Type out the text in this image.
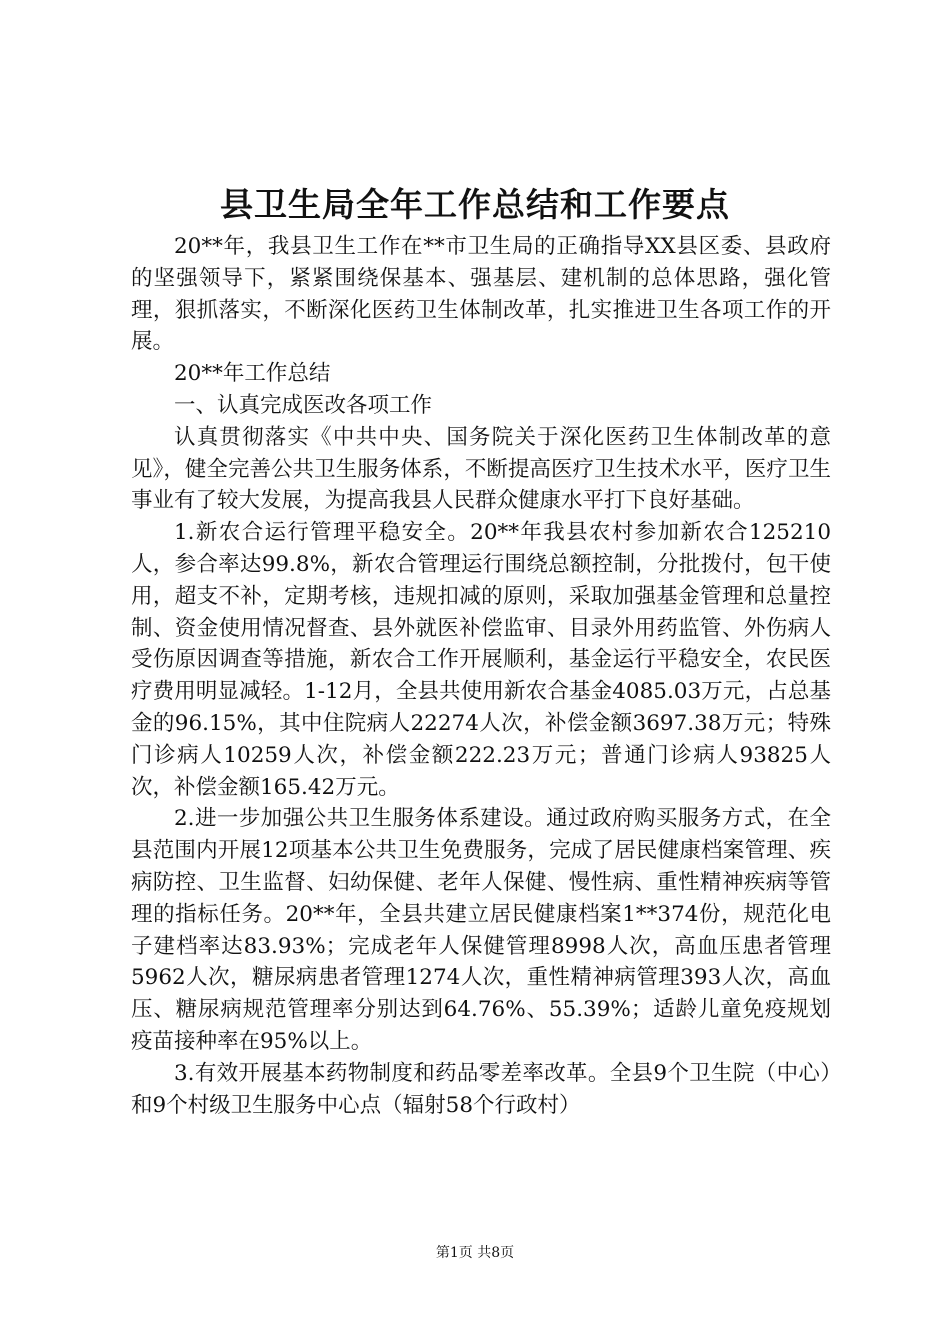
县卫生局全年工作总结和工作要点

20**年，我县卫生工作在**市卫生局的正确指导XX县区委、县政府的坚强领导下，紧紧围绕保基本、强基层、建机制的总体思路，强化管理，狠抓落实，不断深化医药卫生体制改革，扎实推进卫生各项工作的开展。

20**年工作总结

一、认真完成医改各项工作

认真贯彻落实《中共中央、国务院关于深化医药卫生体制改革的意见》，健全完善公共卫生服务体系，不断提高医疗卫生技术水平，医疗卫生事业有了较大发展，为提高我县人民群众健康水平打下良好基础。

1.新农合运行管理平稳安全。20**年我县农村参加新农合125210人，参合率达99.8%，新农合管理运行围绕总额控制，分批拨付，包干使用，超支不补，定期考核，违规扣减的原则，采取加强基金管理和总量控制、资金使用情况督查、县外就医补偿监审、目录外用药监管、外伤病人受伤原因调查等措施，新农合工作开展顺利，基金运行平稳安全，农民医疗费用明显减轻。1-12月，全县共使用新农合基金4085.03万元，占总基金的96.15%，其中住院病人22274人次，补偿金额3697.38万元；特殊门诊病人10259人次，补偿金额222.23万元；普通门诊病人93825人次，补偿金额165.42万元。

2.进一步加强公共卫生服务体系建设。通过政府购买服务方式，在全县范围内开展12项基本公共卫生免费服务，完成了居民健康档案管理、疾病防控、卫生监督、妇幼保健、老年人保健、慢性病、重性精神疾病等管理的指标任务。20**年，全县共建立居民健康档案1**374份，规范化电子建档率达83.93%；完成老年人保健管理8998人次，高血压患者管理5962人次，糖尿病患者管理1274人次，重性精神病管理393人次，高血压、糖尿病规范管理率分别达到64.76%、55.39%；适龄儿童免疫规划疫苗接种率在95%以上。

3.有效开展基本药物制度和药品零差率改革。全县9个卫生院（中心）和9个村级卫生服务中心点（辐射58个行政村）

第1页 共8页
